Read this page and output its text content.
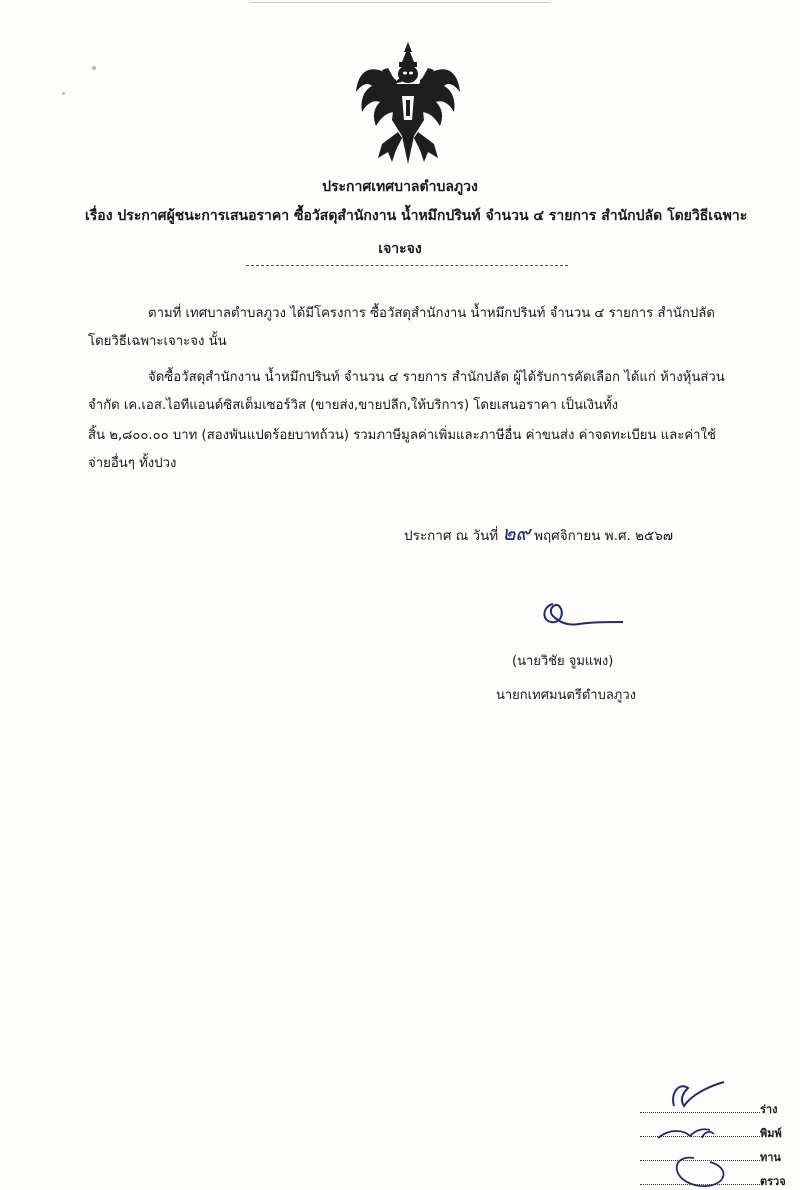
ประกาศเทศบาลตำบลภูวง
เรื่อง ประกาศผู้ชนะการเสนอราคา ซื้อวัสดุสำนักงาน น้ำหมึกปรินท์ จำนวน ๔ รายการ สำนักปลัด โดยวิธีเฉพาะ
เจาะจง
ตามที่ เทศบาลตำบลภูวง ได้มีโครงการ ซื้อวัสดุสำนักงาน น้ำหมึกปรินท์ จำนวน ๔ รายการ สำนักปลัด
โดยวิธีเฉพาะเจาะจง นั้น
จัดซื้อวัสดุสำนักงาน น้ำหมึกปรินท์ จำนวน ๔ รายการ สำนักปลัด ผู้ได้รับการคัดเลือก ได้แก่ ห้างหุ้นส่วน
จำกัด เค.เอส.ไอทีแอนด์ซิสเต็มเซอร์วิส (ขายส่ง,ขายปลีก,ให้บริการ) โดยเสนอราคา เป็นเงินทั้ง
สิ้น ๒,๘๐๐.๐๐ บาท (สองพันแปดร้อยบาทถ้วน) รวมภาษีมูลค่าเพิ่มและภาษีอื่น ค่าขนส่ง ค่าจดทะเบียน และค่าใช้
จ่ายอื่นๆ ทั้งปวง
ประกาศ ณ วันที่ ๒๙ พฤศจิกายน พ.ศ. ๒๕๖๗
(นายวิชัย จูมแพง)
นายกเทศมนตรีตำบลภูวง
ร่าง
พิมพ์
ทาน
ตรวจ
